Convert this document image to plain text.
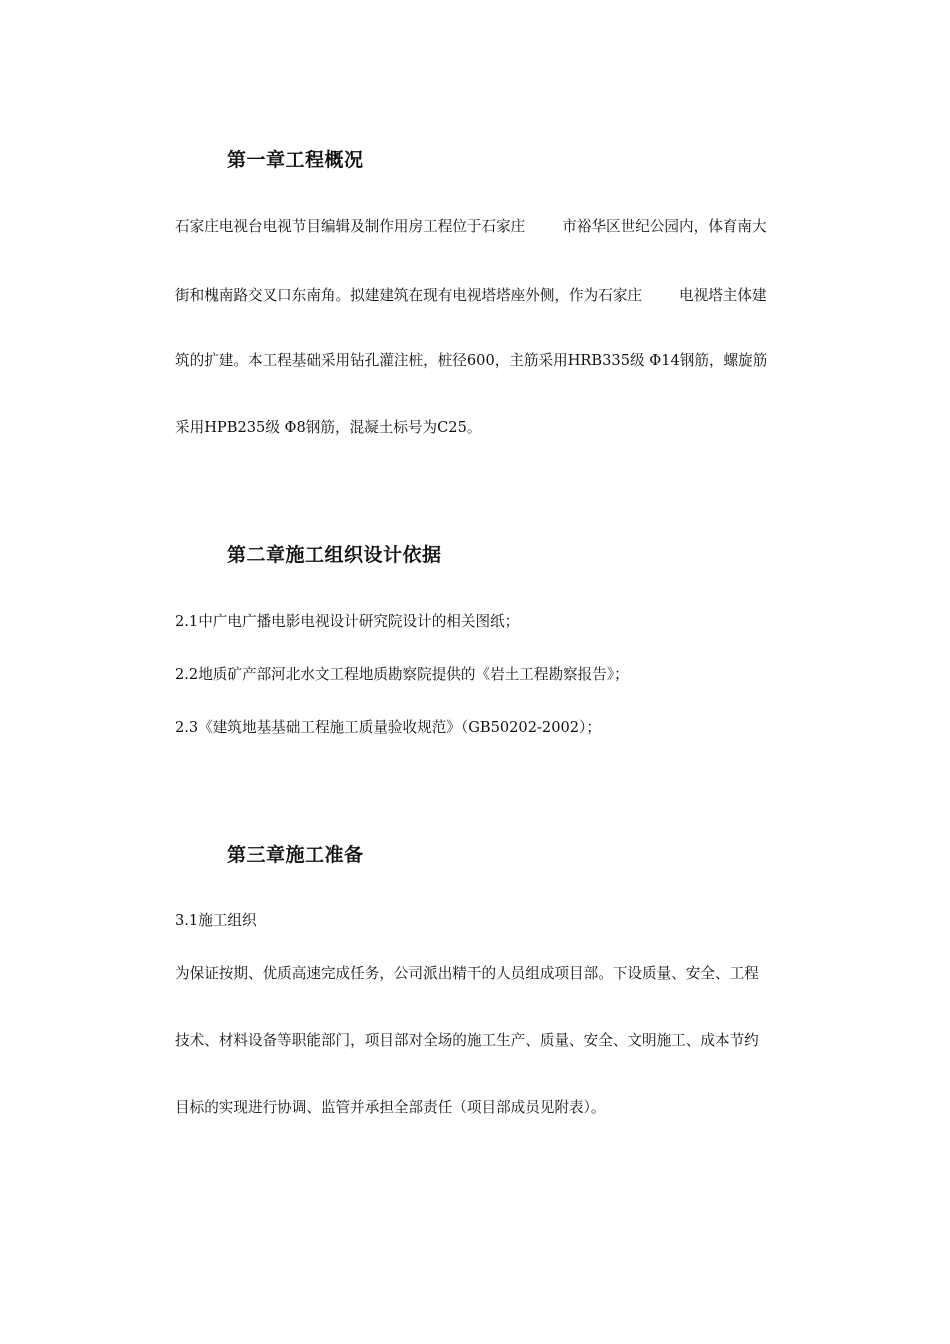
第一章工程概况
石家庄电视台电视节目编辑及制作用房工程位于石家庄	市裕华区世纪公园内，体育南大
街和槐南路交叉口东南角。拟建建筑在现有电视塔塔座外侧，作为石家庄	电视塔主体建
筑的扩建。本工程基础采用钻孔灌注桩，桩径600，主筋采用HRB335级 Φ14钢筋，螺旋筋
采用HPB235级 Φ8钢筋，混凝土标号为C25。
第二章施工组织设计依据
2.1中广电广播电影电视设计研究院设计的相关图纸；
2.2地质矿产部河北水文工程地质勘察院提供的《岩土工程勘察报告》；
2.3《建筑地基基础工程施工质量验收规范》（GB50202-2002）；
第三章施工准备
3.1施工组织
为保证按期、优质高速完成任务，公司派出精干的人员组成项目部。下设质量、安全、工程
技术、材料设备等职能部门，项目部对全场的施工生产、质量、安全、文明施工、成本节约
目标的实现进行协调、监管并承担全部责任（项目部成员见附表）。
